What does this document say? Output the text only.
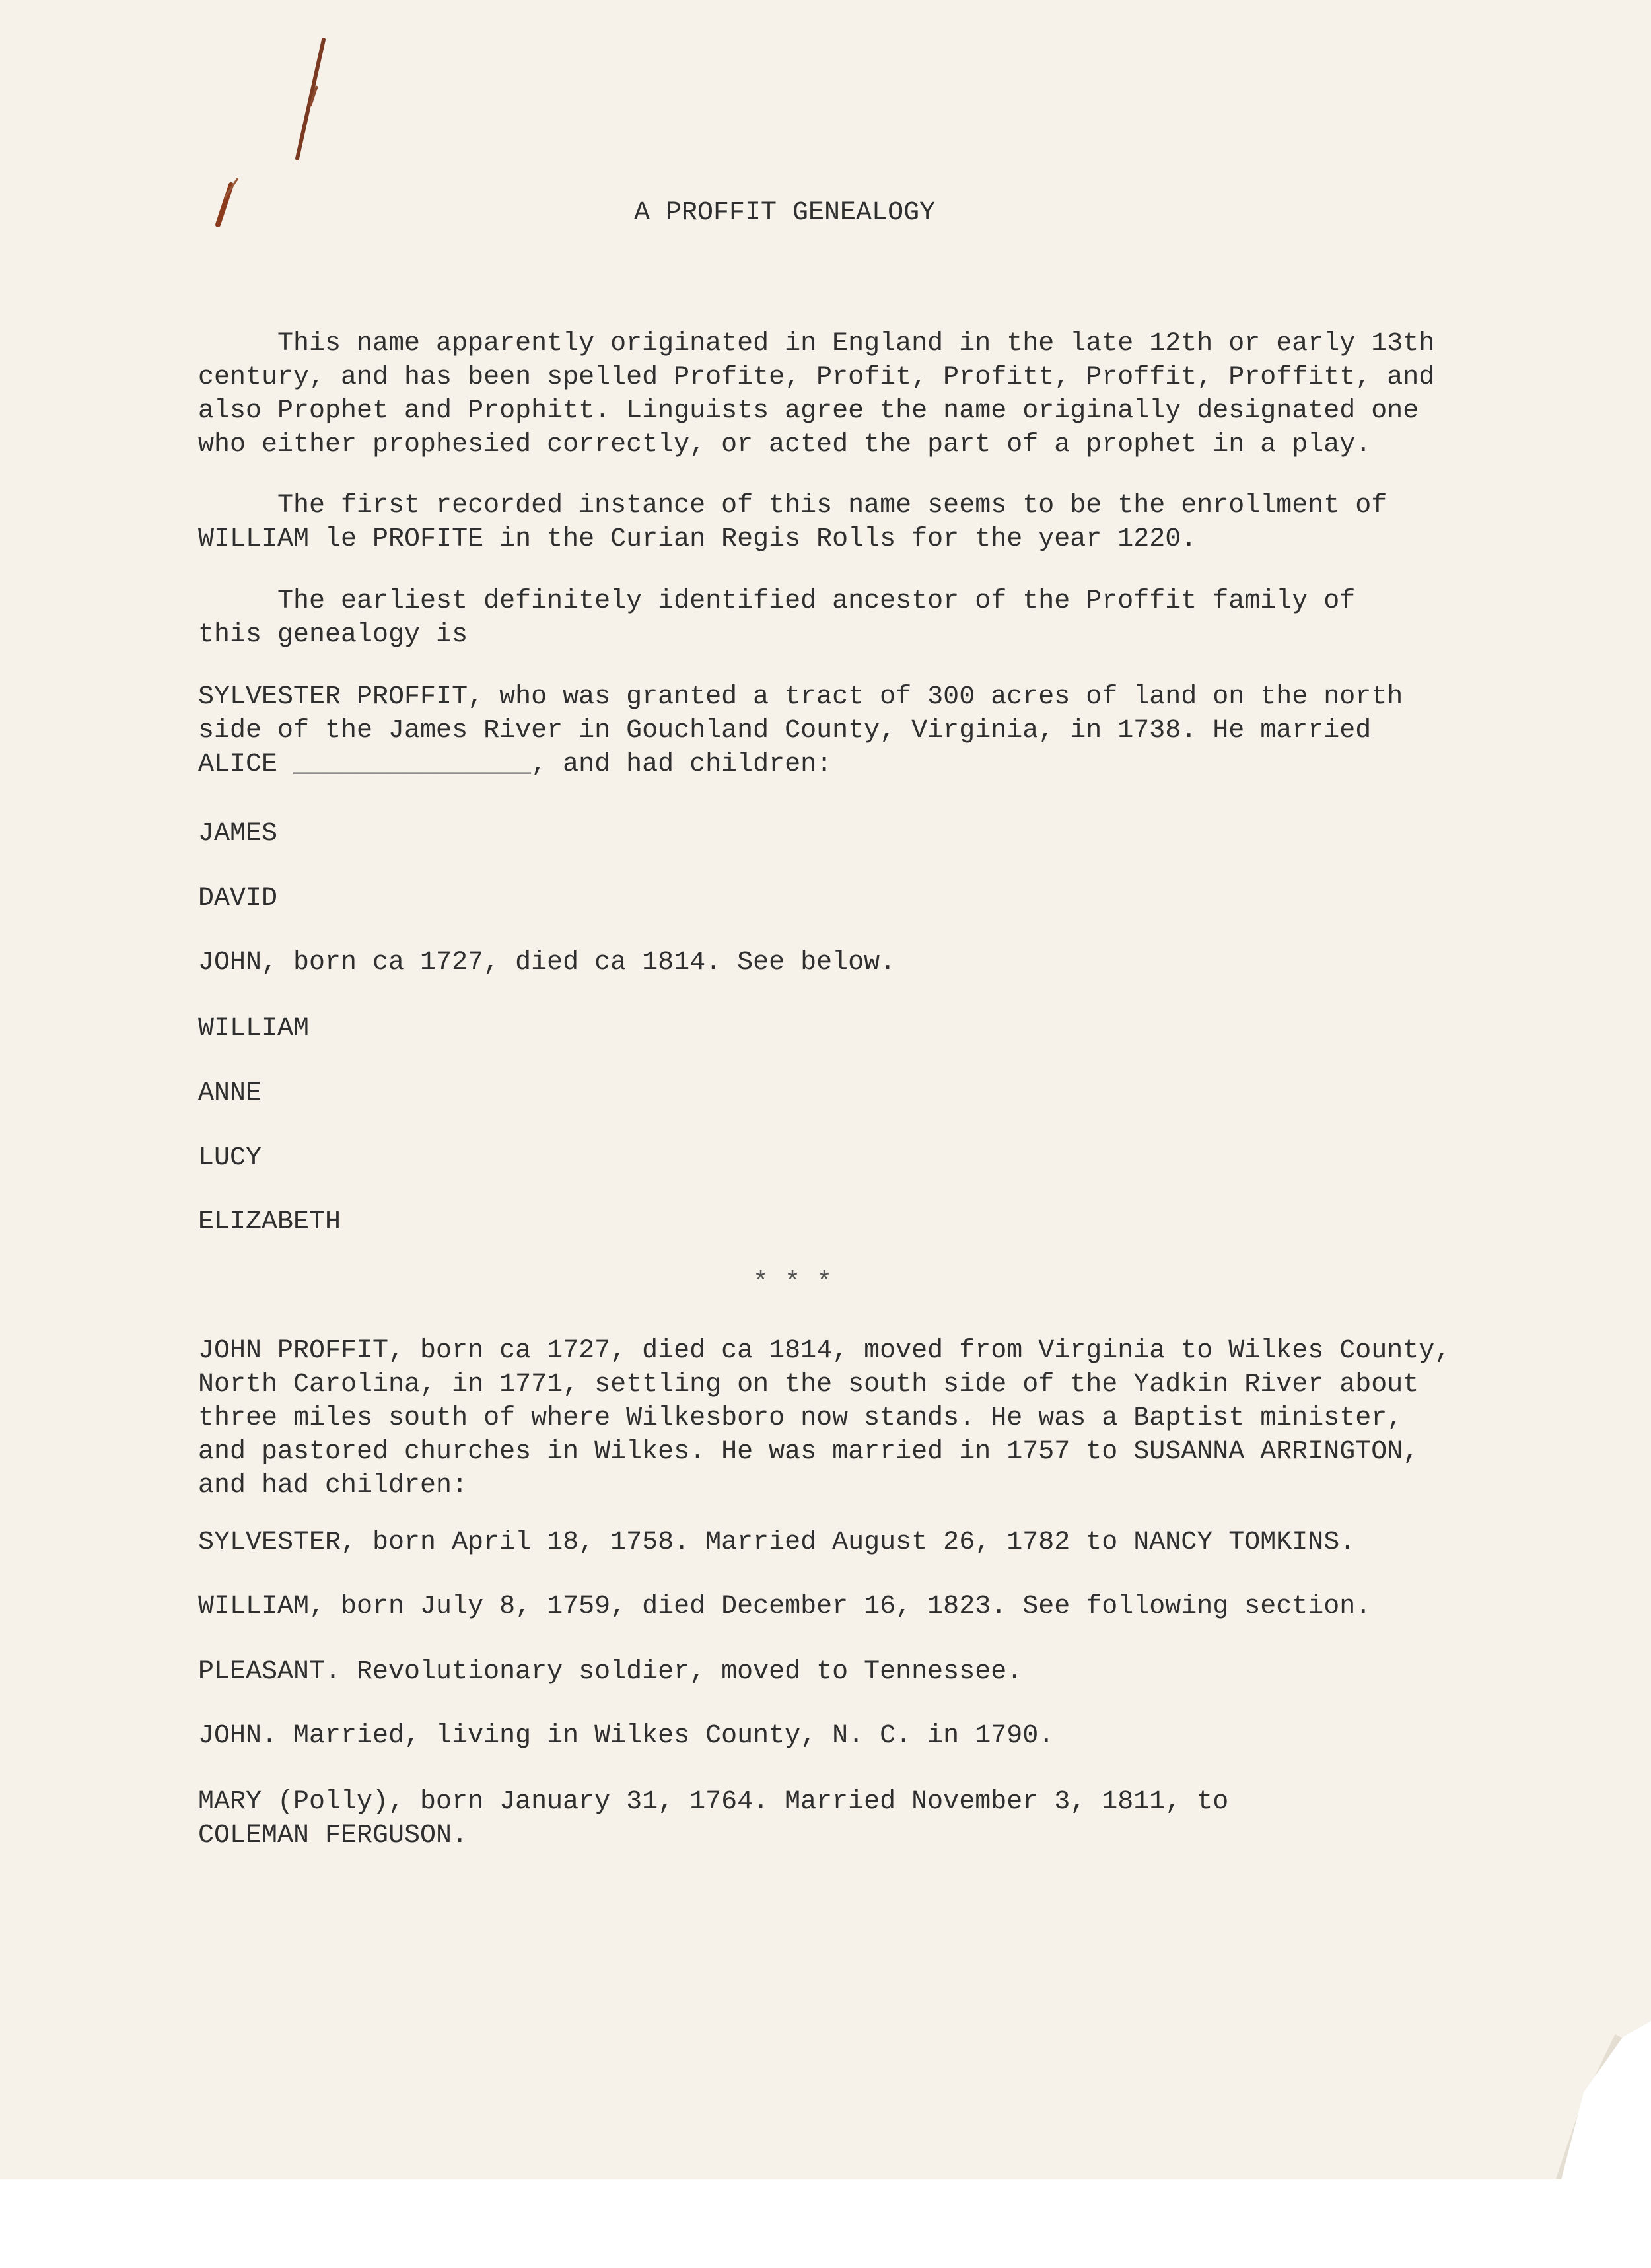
A PROFFIT GENEALOGY
This name apparently originated in England in the late 12th or early 13th
century, and has been spelled Profite, Profit, Profitt, Proffit, Proffitt, and
also Prophet and Prophitt. Linguists agree the name originally designated one
who either prophesied correctly, or acted the part of a prophet in a play.
The first recorded instance of this name seems to be the enrollment of
WILLIAM le PROFITE in the Curian Regis Rolls for the year 1220.
The earliest definitely identified ancestor of the Proffit family of
this genealogy is
SYLVESTER PROFFIT, who was granted a tract of 300 acres of land on the north
side of the James River in Gouchland County, Virginia, in 1738. He married
ALICE _______________, and had children:
JAMES
DAVID
JOHN, born ca 1727, died ca 1814. See below.
WILLIAM
ANNE
LUCY
ELIZABETH
* * *
JOHN PROFFIT, born ca 1727, died ca 1814, moved from Virginia to Wilkes County,
North Carolina, in 1771, settling on the south side of the Yadkin River about
three miles south of where Wilkesboro now stands. He was a Baptist minister,
and pastored churches in Wilkes. He was married in 1757 to SUSANNA ARRINGTON,
and had children:
SYLVESTER, born April 18, 1758. Married August 26, 1782 to NANCY TOMKINS.
WILLIAM, born July 8, 1759, died December 16, 1823. See following section.
PLEASANT. Revolutionary soldier, moved to Tennessee.
JOHN. Married, living in Wilkes County, N. C. in 1790.
MARY (Polly), born January 31, 1764. Married November 3, 1811, to
COLEMAN FERGUSON.
